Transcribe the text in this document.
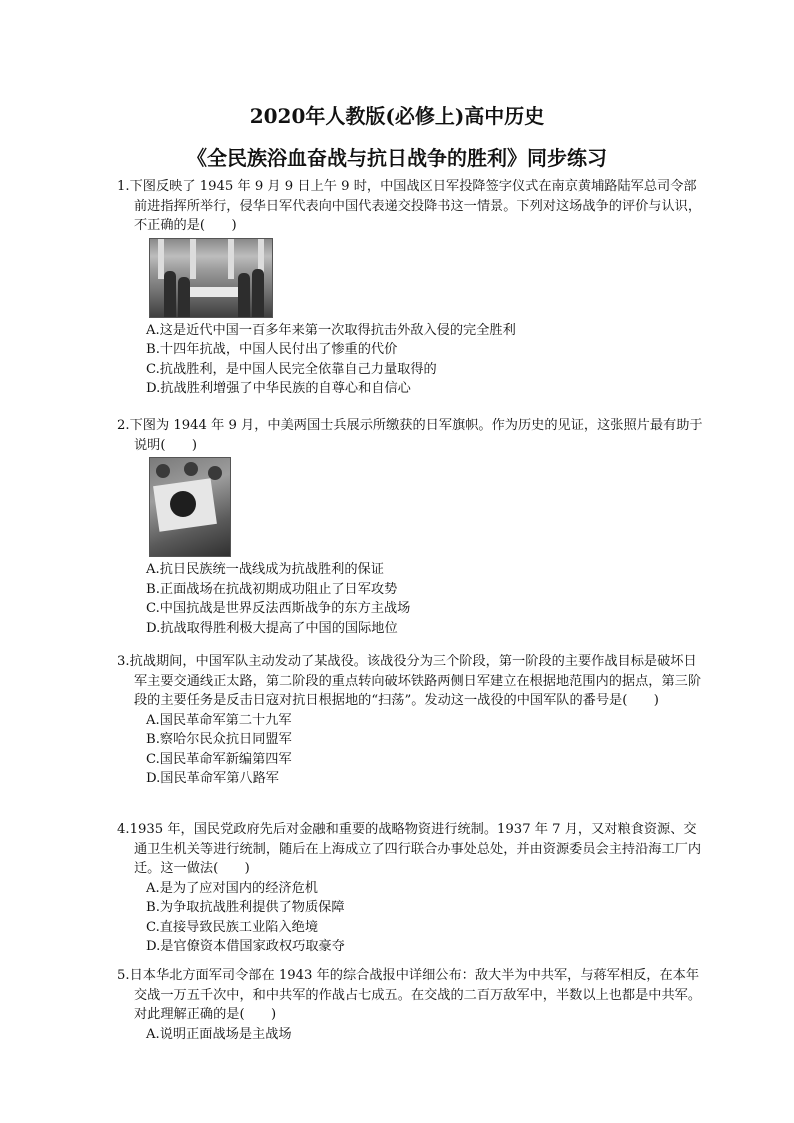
2020年人教版(必修上)高中历史
《全民族浴血奋战与抗日战争的胜利》同步练习

1.下图反映了 1945 年 9 月 9 日上午 9 时，中国战区日军投降签字仪式在南京黄埔路陆军总司令部前进指挥所举行，侵华日军代表向中国代表递交投降书这一情景。下列对这场战争的评价与认识，不正确的是(　　)

A.这是近代中国一百多年来第一次取得抗击外敌入侵的完全胜利

B.十四年抗战，中国人民付出了惨重的代价

C.抗战胜利，是中国人民完全依靠自己力量取得的

D.抗战胜利增强了中华民族的自尊心和自信心

2.下图为 1944 年 9 月，中美两国士兵展示所缴获的日军旗帜。作为历史的见证，这张照片最有助于说明(　　)

A.抗日民族统一战线成为抗战胜利的保证

B.正面战场在抗战初期成功阻止了日军攻势

C.中国抗战是世界反法西斯战争的东方主战场

D.抗战取得胜利极大提高了中国的国际地位

3.抗战期间，中国军队主动发动了某战役。该战役分为三个阶段，第一阶段的主要作战目标是破坏日军主要交通线正太路，第二阶段的重点转向破坏铁路两侧日军建立在根据地范围内的据点，第三阶段的主要任务是反击日寇对抗日根据地的“扫荡”。发动这一战役的中国军队的番号是(　　)

A.国民革命军第二十九军

B.察哈尔民众抗日同盟军

C.国民革命军新编第四军

D.国民革命军第八路军

4.1935 年，国民党政府先后对金融和重要的战略物资进行统制。1937 年 7 月，又对粮食资源、交通卫生机关等进行统制，随后在上海成立了四行联合办事处总处，并由资源委员会主持沿海工厂内迁。这一做法(　　)

A.是为了应对国内的经济危机

B.为争取抗战胜利提供了物质保障

C.直接导致民族工业陷入绝境

D.是官僚资本借国家政权巧取豪夺

5.日本华北方面军司令部在 1943 年的综合战报中详细公布：敌大半为中共军，与蒋军相反，在本年交战一万五千次中，和中共军的作战占七成五。在交战的二百万敌军中，半数以上也都是中共军。对此理解正确的是(　　)

A.说明正面战场是主战场
